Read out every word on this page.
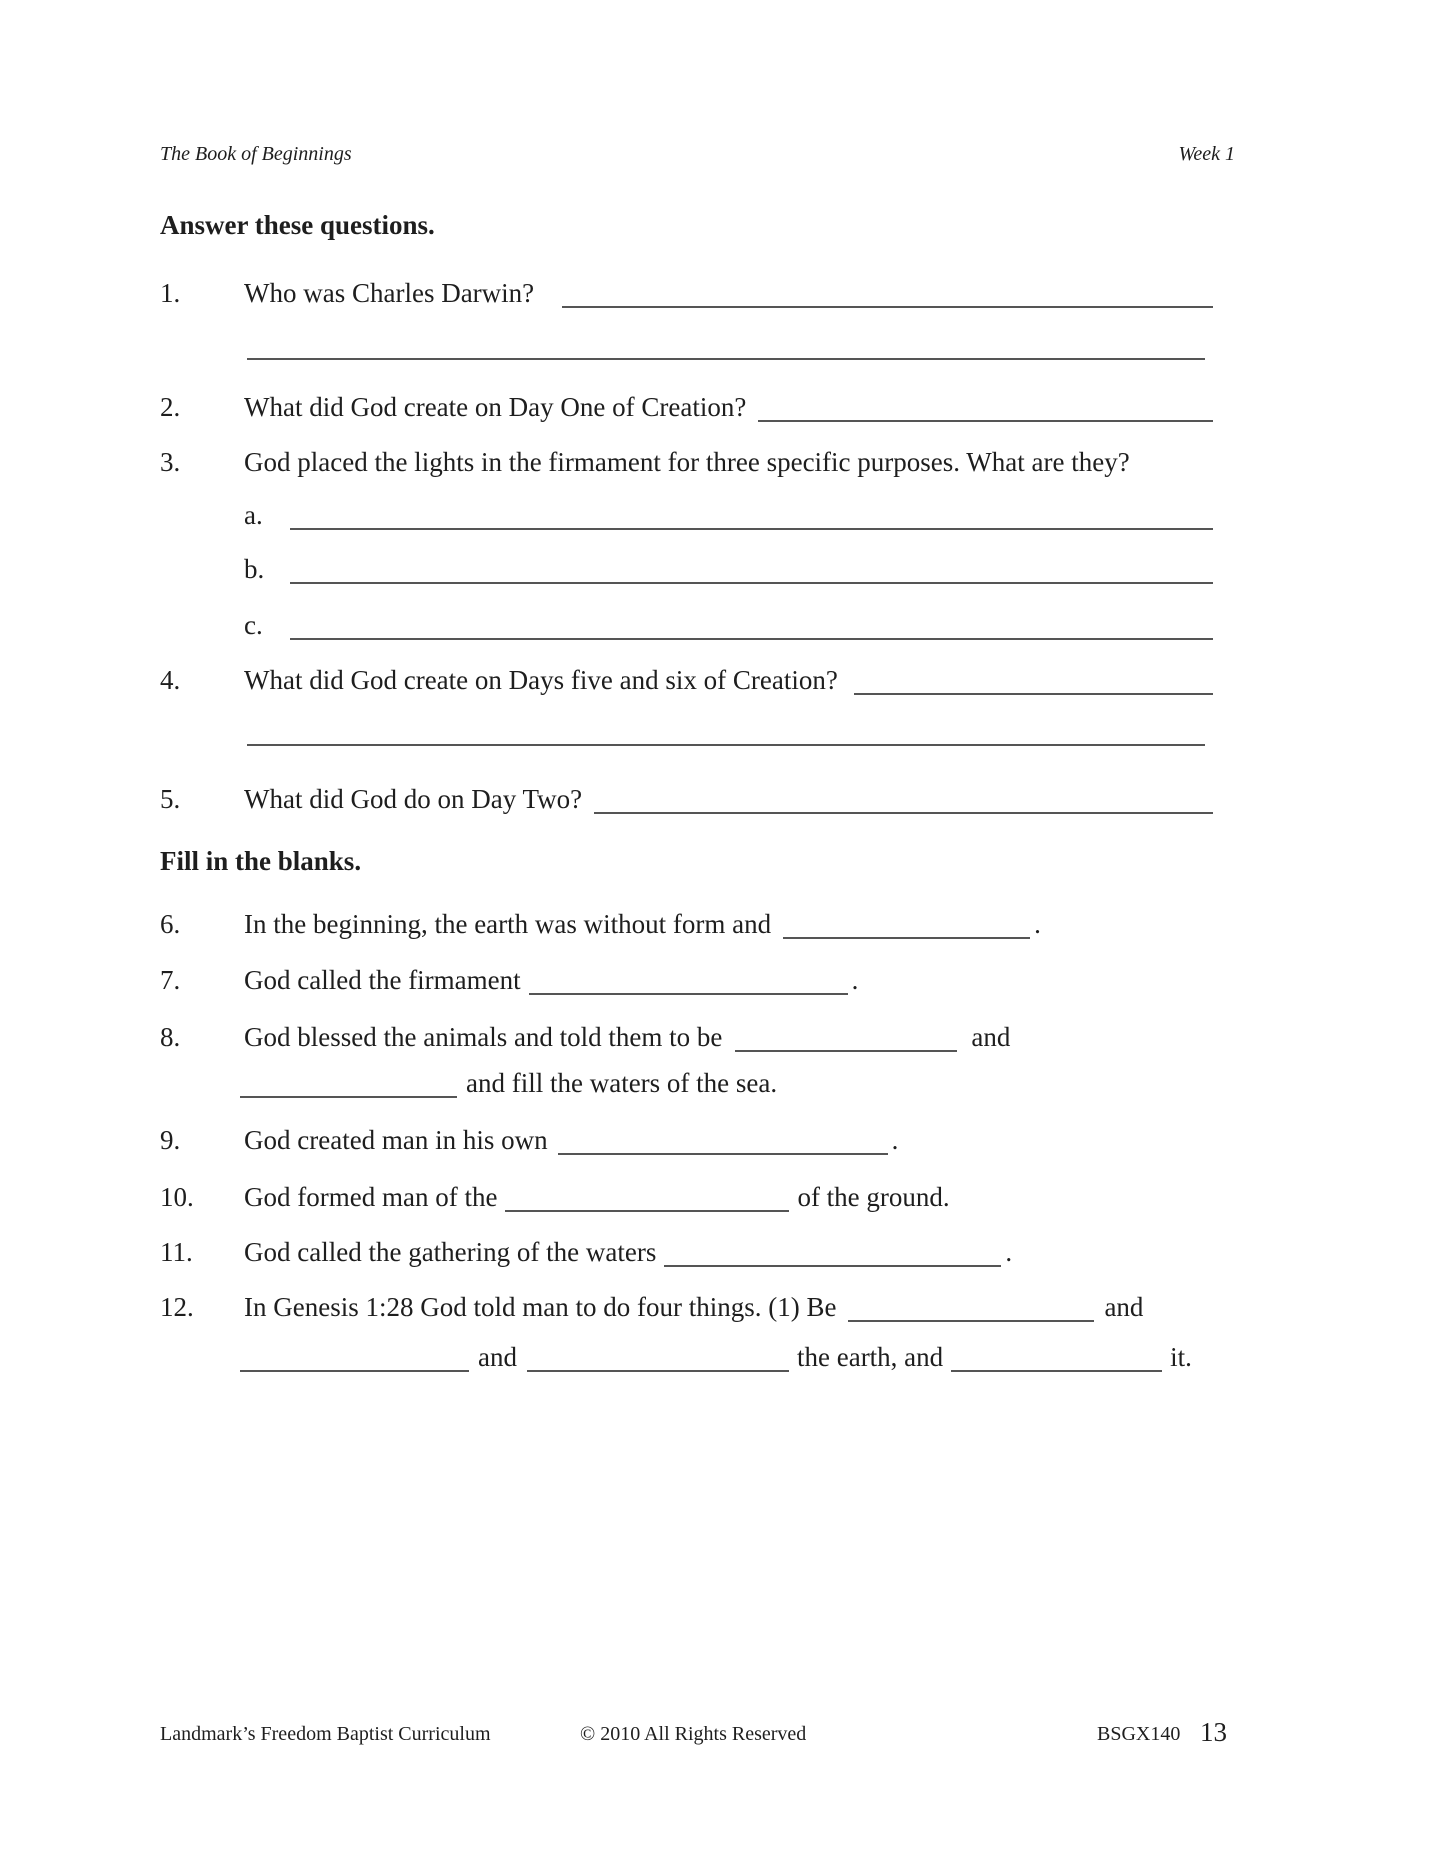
The Book of Beginnings	Week 1
Answer these questions.
1.	Who was Charles Darwin?
2.	What did God create on Day One of Creation?
3.	God placed the lights in the firmament for three specific purposes. What are they?
a.
b.
c.
4.	What did God create on Days five and six of Creation?
5.	What did God do on Day Two?
Fill in the blanks.
6.	In the beginning, the earth was without form and	.
7.	God called the firmament	.
8.	God blessed the animals and told them to be	and
and fill the waters of the sea.
9.	God created man in his own	.
10.	God formed man of the	of the ground.
11.	God called the gathering of the waters	.
12.	In Genesis 1:28 God told man to do four things. (1) Be	and
and	the earth, and	it.
Landmark’s Freedom Baptist Curriculum	© 2010 All Rights Reserved	BSGX140 13
